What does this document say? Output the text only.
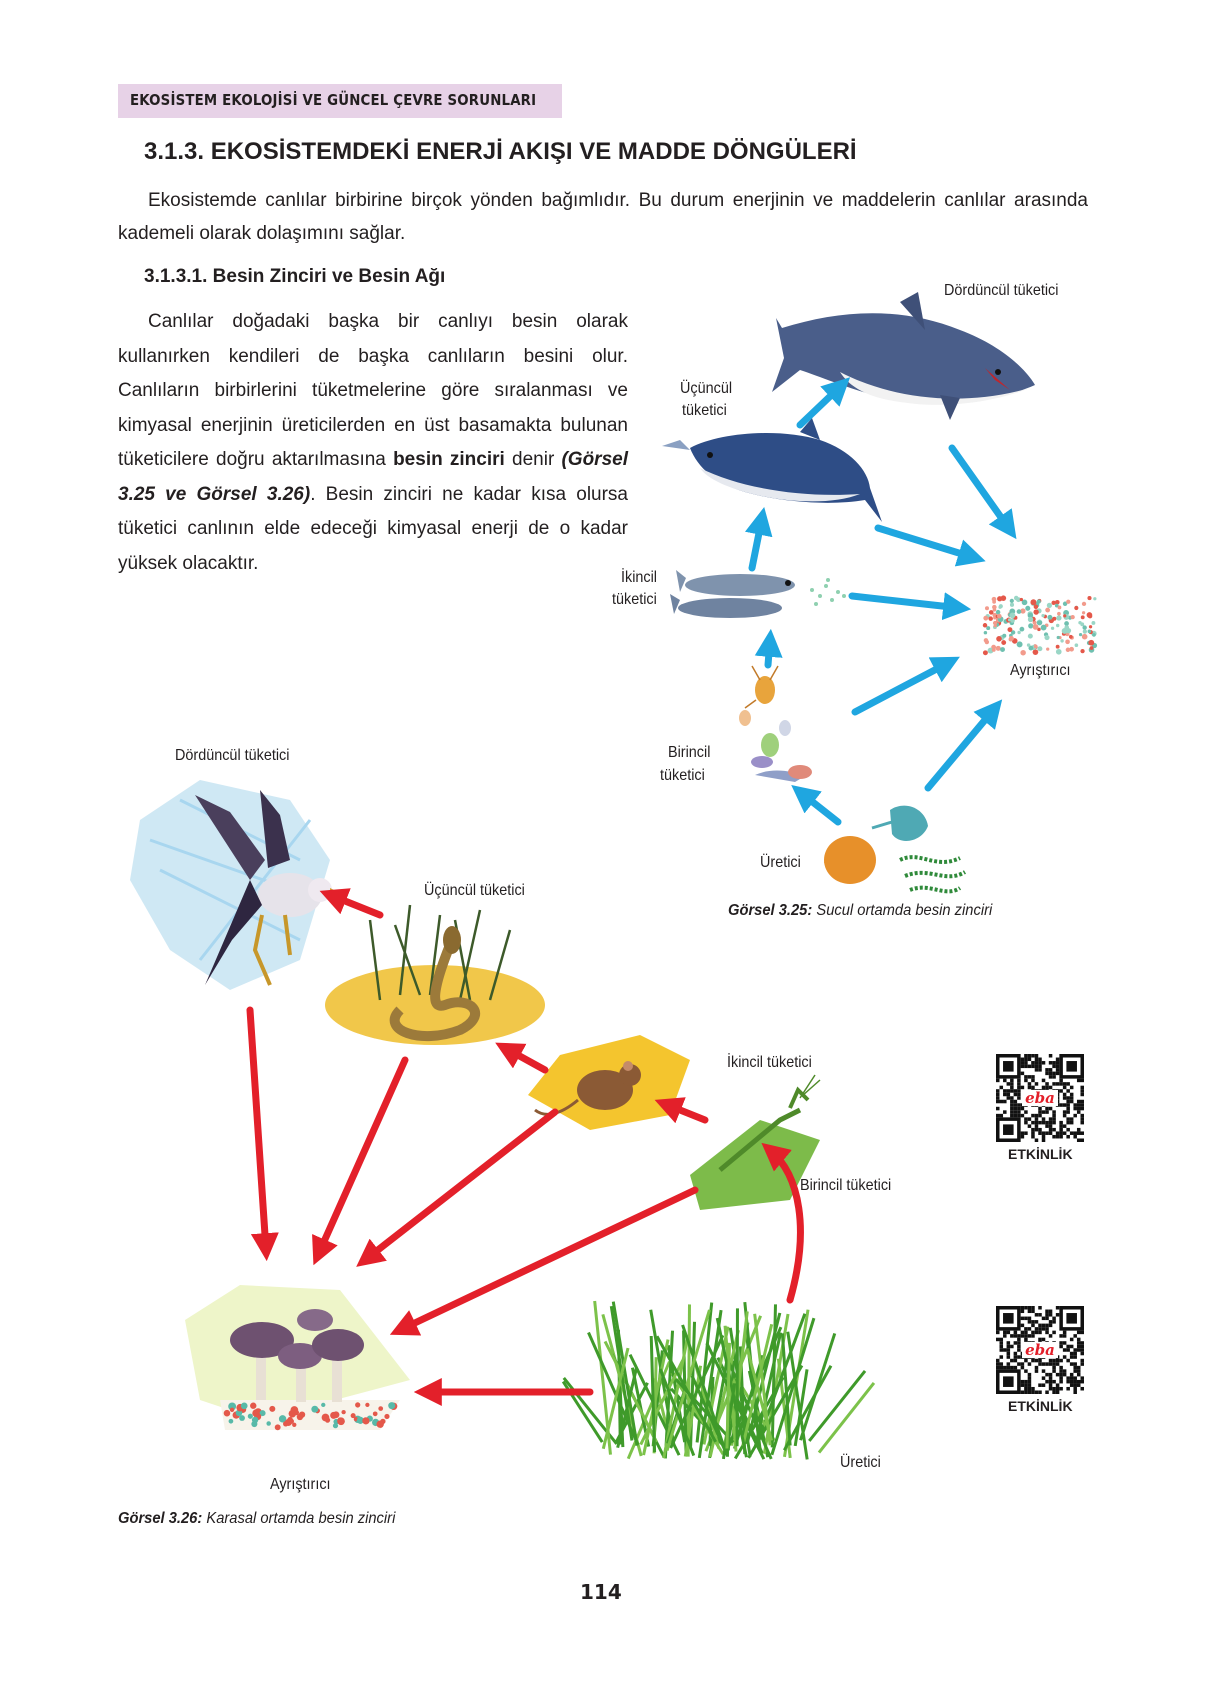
EKOSİSTEM EKOLOJİSİ VE GÜNCEL ÇEVRE SORUNLARI
3.1.3. EKOSİSTEMDEKİ ENERJİ AKIŞI VE MADDE DÖNGÜLERİ
Ekosistemde canlılar birbirine birçok yönden bağımlıdır. Bu durum enerjinin ve maddelerin canlılar arasında kademeli olarak dolaşımını sağlar.
3.1.3.1. Besin Zinciri ve Besin Ağı
Canlılar doğadaki başka bir canlıyı besin olarak kullanırken kendileri de başka canlıların besini olur. Canlıların birbirlerini tüketmelerine göre sıralanması ve kimyasal enerjinin üreticilerden en üst basamakta bulunan tüketicilere doğru aktarılmasına besin zinciri denir (Görsel 3.25 ve Görsel 3.26). Besin zinciri ne kadar kısa olursa tüketici canlının elde edeceği kimyasal enerji de o kadar yüksek olacaktır.
Dördüncül tüketici
Üçüncül
tüketici
İkincil
tüketici
Birincil
tüketici
Üretici
Ayrıştırıcı
Görsel 3.25: Sucul ortamda besin zinciri
Dördüncül tüketici
Üçüncül tüketici
İkincil tüketici
Birincil tüketici
Üretici
Ayrıştırıcı
Görsel 3.26: Karasal ortamda besin zinciri
eba
ETKİNLİK
eba
ETKİNLİK
114
